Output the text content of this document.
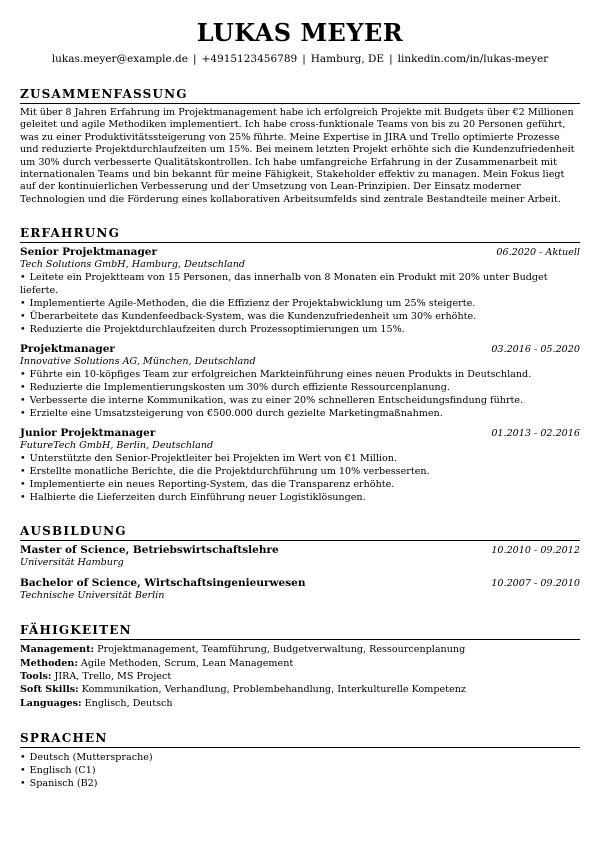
LUKAS MEYER
lukas.meyer@example.de | +4915123456789 | Hamburg, DE | linkedin.com/in/lukas-meyer
ZUSAMMENFASSUNG
Mit über 8 Jahren Erfahrung im Projektmanagement habe ich erfolgreich Projekte mit Budgets über €2 Millionen geleitet und agile Methodiken implementiert. Ich habe cross-funktionale Teams von bis zu 20 Personen geführt, was zu einer Produktivitätssteigerung von 25% führte. Meine Expertise in JIRA und Trello optimierte Prozesse und reduzierte Projektdurchlaufzeiten um 15%. Bei meinem letzten Projekt erhöhte sich die Kundenzufriedenheit um 30% durch verbesserte Qualitätskontrollen. Ich habe umfangreiche Erfahrung in der Zusammenarbeit mit internationalen Teams und bin bekannt für meine Fähigkeit, Stakeholder effektiv zu managen. Mein Fokus liegt auf der kontinuierlichen Verbesserung und der Umsetzung von Lean-Prinzipien. Der Einsatz moderner Technologien und die Förderung eines kollaborativen Arbeitsumfelds sind zentrale Bestandteile meiner Arbeit.
ERFAHRUNG
Senior Projektmanager	06.2020 - Aktuell
Tech Solutions GmbH, Hamburg, Deutschland
• Leitete ein Projektteam von 15 Personen, das innerhalb von 8 Monaten ein Produkt mit 20% unter Budget lieferte.
• Implementierte Agile-Methoden, die die Effizienz der Projektabwicklung um 25% steigerte.
• Überarbeitete das Kundenfeedback-System, was die Kundenzufriedenheit um 30% erhöhte.
• Reduzierte die Projektdurchlaufzeiten durch Prozessoptimierungen um 15%.
Projektmanager	03.2016 - 05.2020
Innovative Solutions AG, München, Deutschland
• Führte ein 10-köpfiges Team zur erfolgreichen Markteinführung eines neuen Produkts in Deutschland.
• Reduzierte die Implementierungskosten um 30% durch effiziente Ressourcenplanung.
• Verbesserte die interne Kommunikation, was zu einer 20% schnelleren Entscheidungsfindung führte.
• Erzielte eine Umsatzsteigerung von €500.000 durch gezielte Marketingmaßnahmen.
Junior Projektmanager	01.2013 - 02.2016
FutureTech GmbH, Berlin, Deutschland
• Unterstützte den Senior-Projektleiter bei Projekten im Wert von €1 Million.
• Erstellte monatliche Berichte, die die Projektdurchführung um 10% verbesserten.
• Implementierte ein neues Reporting-System, das die Transparenz erhöhte.
• Halbierte die Lieferzeiten durch Einführung neuer Logistiklösungen.
AUSBILDUNG
Master of Science, Betriebswirtschaftslehre	10.2010 - 09.2012
Universität Hamburg
Bachelor of Science, Wirtschaftsingenieurwesen	10.2007 - 09.2010
Technische Universität Berlin
FÄHIGKEITEN
Management: Projektmanagement, Teamführung, Budgetverwaltung, Ressourcenplanung
Methoden: Agile Methoden, Scrum, Lean Management
Tools: JIRA, Trello, MS Project
Soft Skills: Kommunikation, Verhandlung, Problembehandlung, Interkulturelle Kompetenz
Languages: Englisch, Deutsch
SPRACHEN
• Deutsch (Muttersprache)
• Englisch (C1)
• Spanisch (B2)
